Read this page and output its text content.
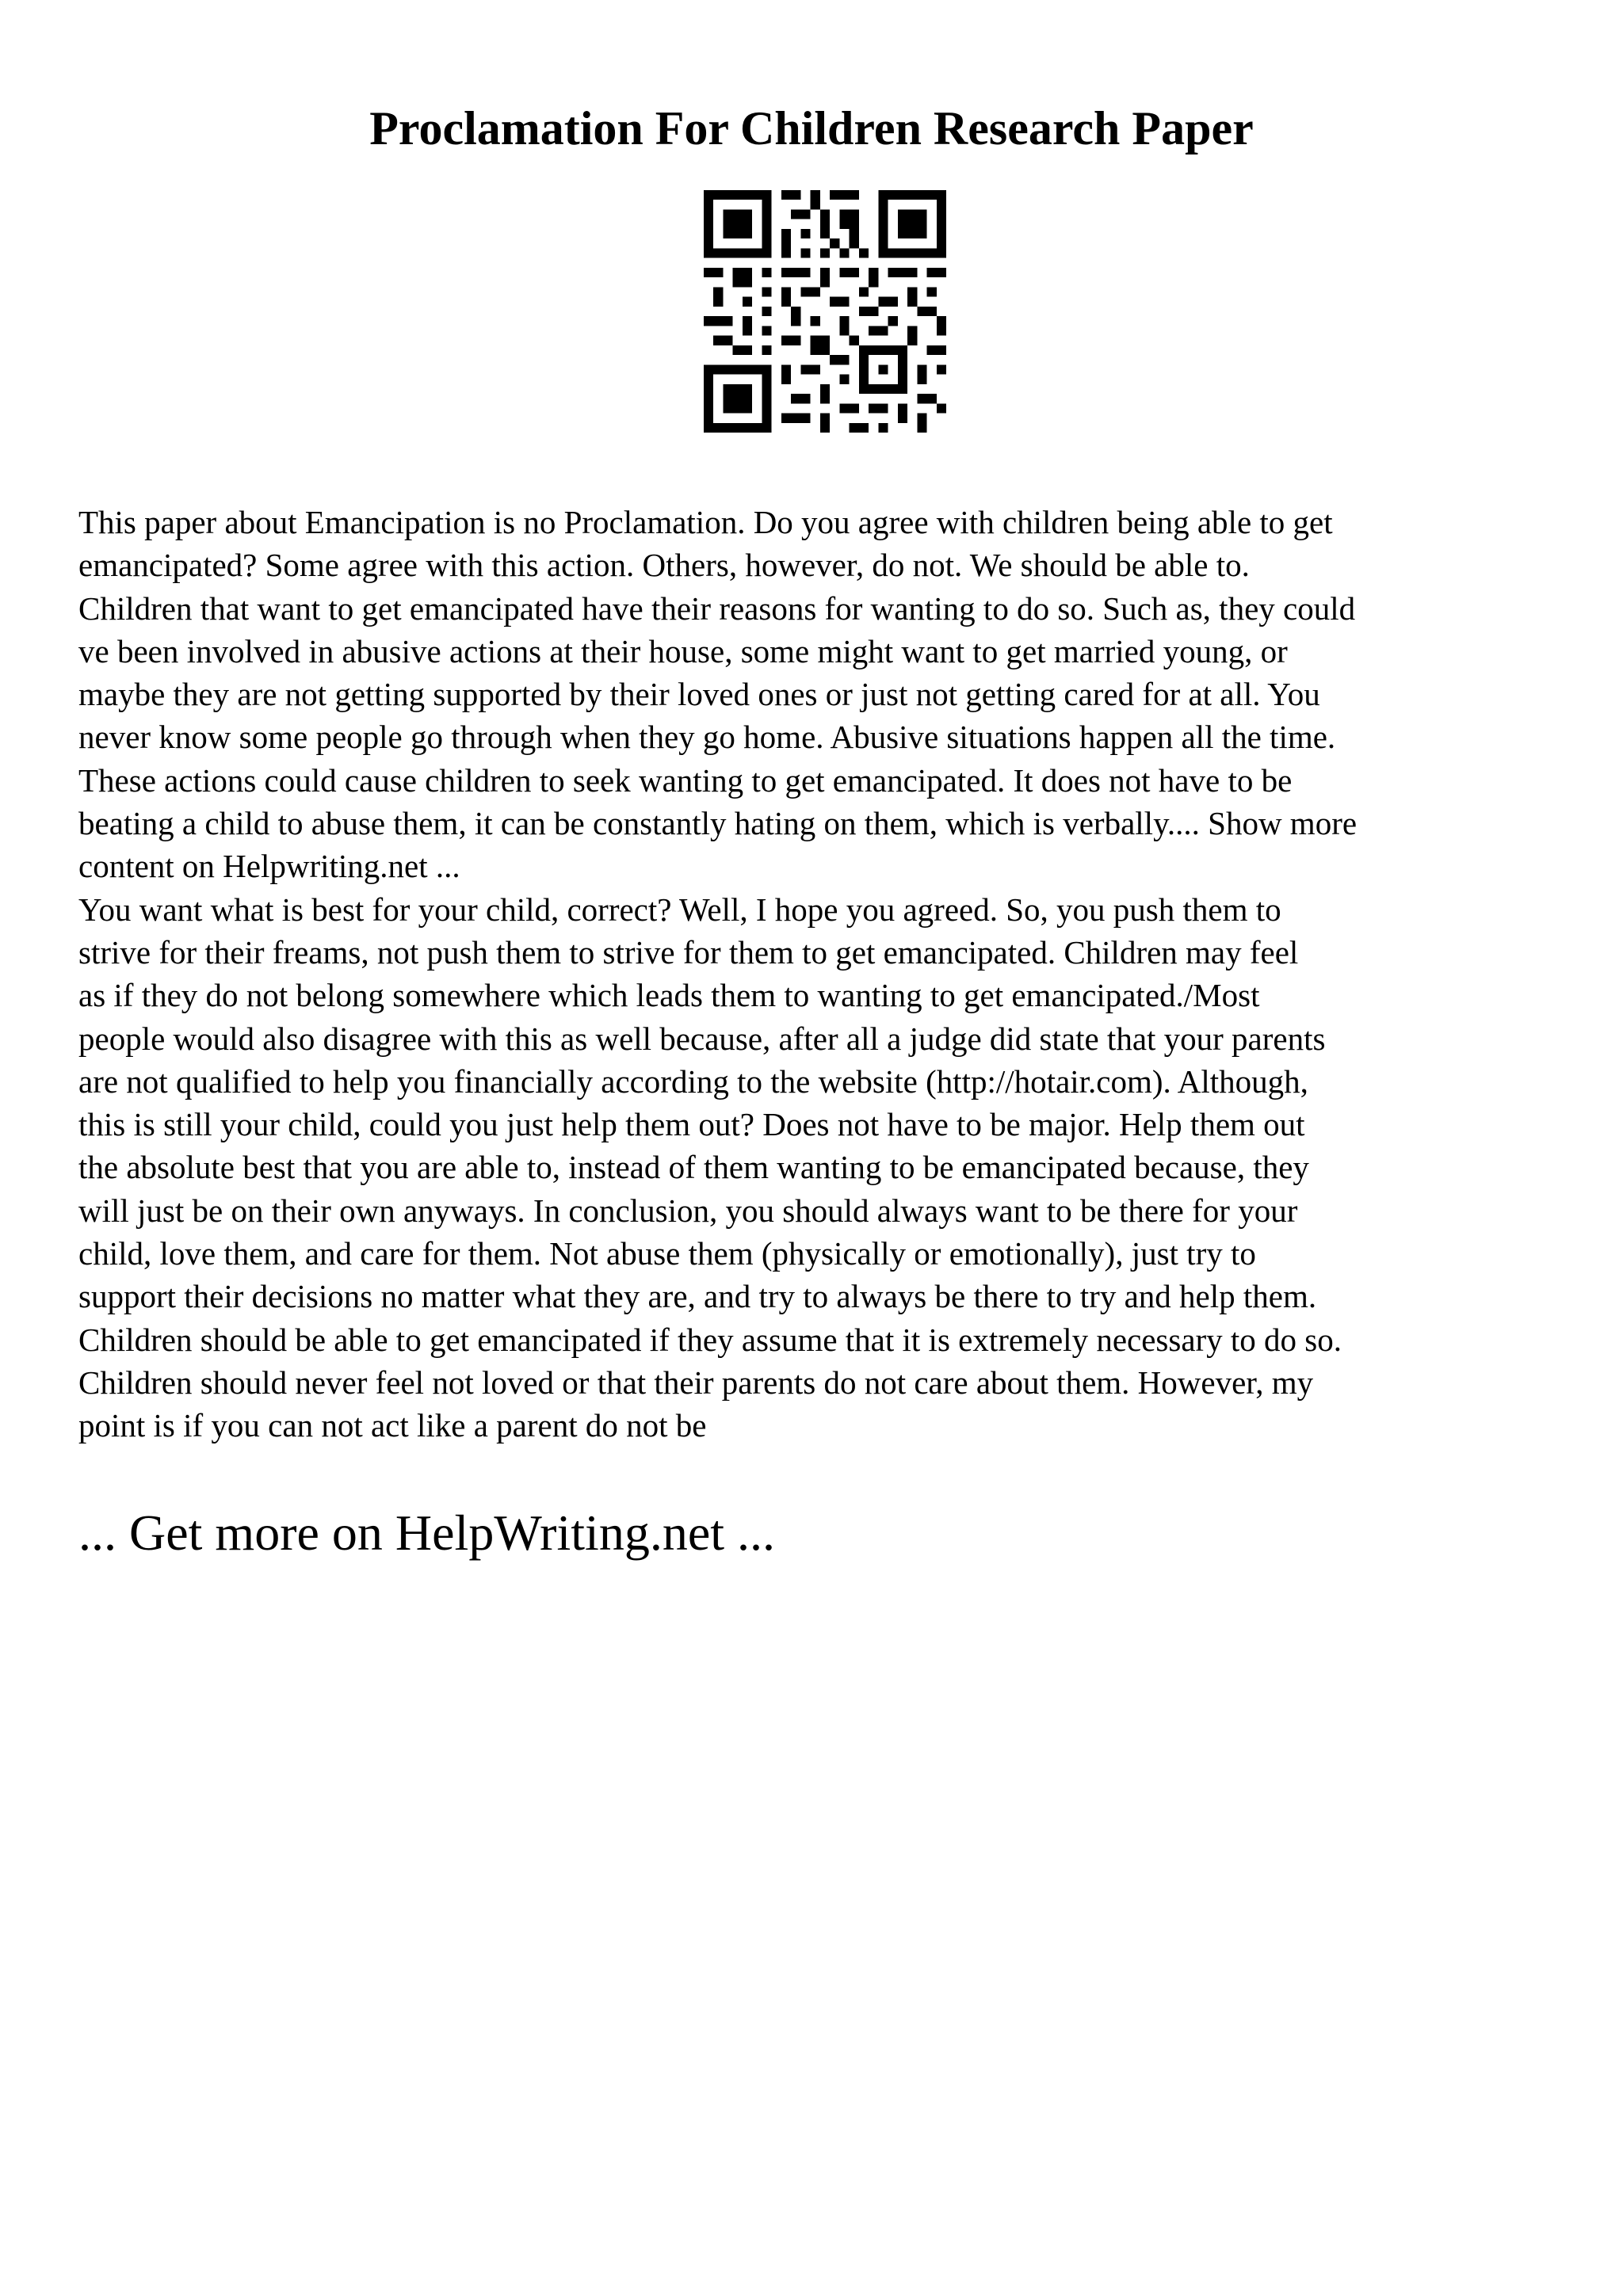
Proclamation For Children Research Paper

This paper about Emancipation is no Proclamation. Do you agree with children being able to get
emancipated? Some agree with this action. Others, however, do not. We should be able to.
Children that want to get emancipated have their reasons for wanting to do so. Such as, they could
ve been involved in abusive actions at their house, some might want to get married young, or
maybe they are not getting supported by their loved ones or just not getting cared for at all. You
never know some people go through when they go home. Abusive situations happen all the time.
These actions could cause children to seek wanting to get emancipated. It does not have to be
beating a child to abuse them, it can be constantly hating on them, which is verbally.... Show more
content on Helpwriting.net ...

You want what is best for your child, correct? Well, I hope you agreed. So, you push them to
strive for their freams, not push them to strive for them to get emancipated. Children may feel
as if they do not belong somewhere which leads them to wanting to get emancipated./Most
people would also disagree with this as well because, after all a judge did state that your parents
are not qualified to help you financially according to the website (http://hotair.com). Although,
this is still your child, could you just help them out? Does not have to be major. Help them out
the absolute best that you are able to, instead of them wanting to be emancipated because, they
will just be on their own anyways. In conclusion, you should always want to be there for your
child, love them, and care for them. Not abuse them (physically or emotionally), just try to
support their decisions no matter what they are, and try to always be there to try and help them.
Children should be able to get emancipated if they assume that it is extremely necessary to do so.
Children should never feel not loved or that their parents do not care about them. However, my
point is if you can not act like a parent do not be

... Get more on HelpWriting.net ...
